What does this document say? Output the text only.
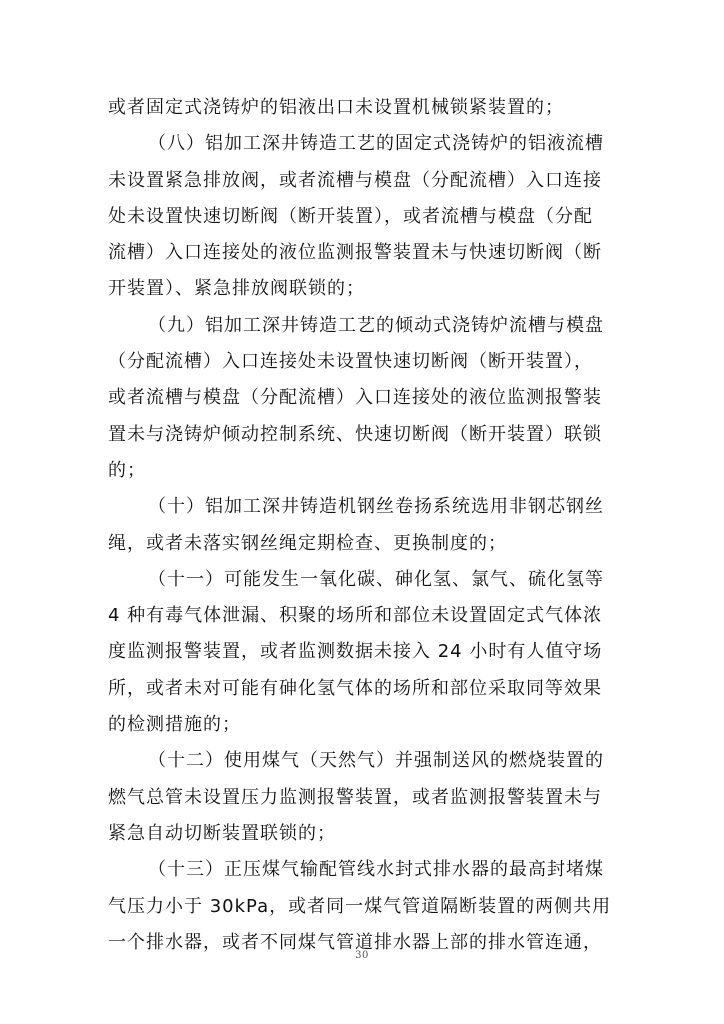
或者固定式浇铸炉的铝液出口未设置机械锁紧装置的；
（八）铝加工深井铸造工艺的固定式浇铸炉的铝液流槽
未设置紧急排放阀，或者流槽与模盘（分配流槽）入口连接
处未设置快速切断阀（断开装置），或者流槽与模盘（分配
流槽）入口连接处的液位监测报警装置未与快速切断阀（断
开装置）、紧急排放阀联锁的；
（九）铝加工深井铸造工艺的倾动式浇铸炉流槽与模盘
（分配流槽）入口连接处未设置快速切断阀（断开装置），
或者流槽与模盘（分配流槽）入口连接处的液位监测报警装
置未与浇铸炉倾动控制系统、快速切断阀（断开装置）联锁
的；
（十）铝加工深井铸造机钢丝卷扬系统选用非钢芯钢丝
绳，或者未落实钢丝绳定期检查、更换制度的；
（十一）可能发生一氧化碳、砷化氢、氯气、硫化氢等
4 种有毒气体泄漏、积聚的场所和部位未设置固定式气体浓
度监测报警装置，或者监测数据未接入 24 小时有人值守场
所，或者未对可能有砷化氢气体的场所和部位采取同等效果
的检测措施的；
（十二）使用煤气（天然气）并强制送风的燃烧装置的
燃气总管未设置压力监测报警装置，或者监测报警装置未与
紧急自动切断装置联锁的；
（十三）正压煤气输配管线水封式排水器的最高封堵煤
气压力小于 30kPa，或者同一煤气管道隔断装置的两侧共用
一个排水器，或者不同煤气管道排水器上部的排水管连通，
30
